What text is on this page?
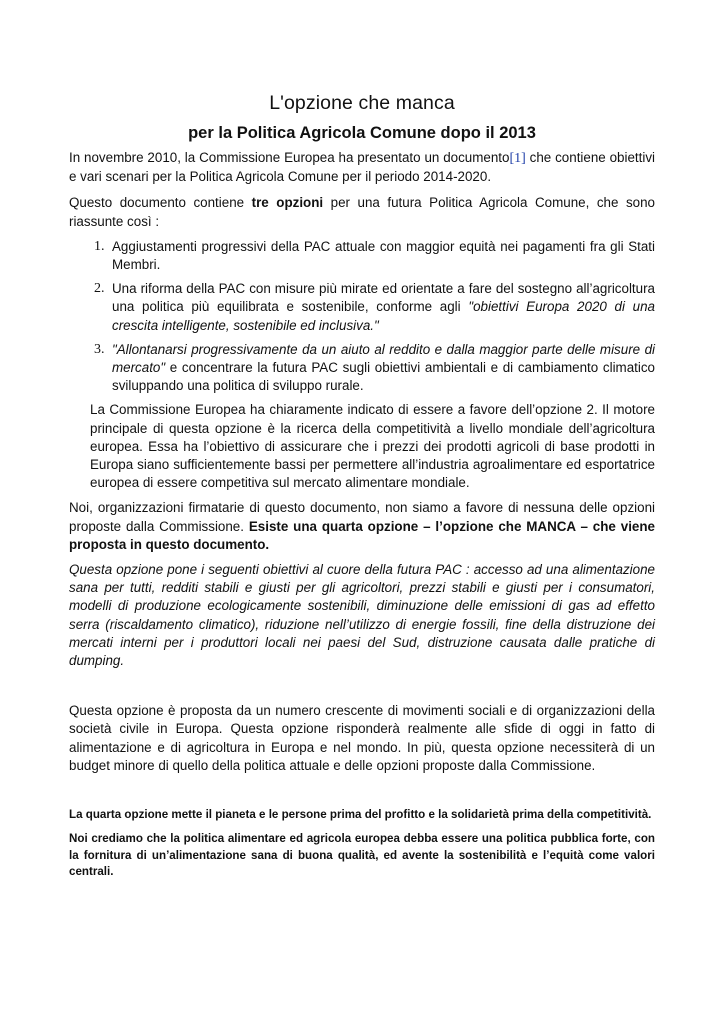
L'opzione che manca
per la Politica Agricola Comune dopo il 2013

In novembre 2010, la Commissione Europea ha presentato un documento[1] che contiene obiettivi e vari scenari per la Politica Agricola Comune per il periodo 2014-2020.

Questo documento contiene tre opzioni per una futura Politica Agricola Comune, che sono riassunte così :

1. Aggiustamenti progressivi della PAC attuale con maggior equità nei pagamenti fra gli Stati Membri.
2. Una riforma della PAC con misure più mirate ed orientate a fare del sostegno all’agricoltura una politica più equilibrata e sostenibile, conforme agli "obiettivi Europa 2020 di una crescita intelligente, sostenibile ed inclusiva."
3. "Allontanarsi progressivamente da un aiuto al reddito e dalla maggior parte delle misure di mercato" e concentrare la futura PAC sugli obiettivi ambientali e di cambiamento climatico sviluppando una politica di sviluppo rurale.

La Commissione Europea ha chiaramente indicato di essere a favore dell’opzione 2. Il motore principale di questa opzione è la ricerca della competitività a livello mondiale dell’agricoltura europea. Essa ha l’obiettivo di assicurare che i prezzi dei prodotti agricoli di base prodotti in Europa siano sufficientemente bassi per permettere all’industria agroalimentare ed esportatrice europea di essere competitiva sul mercato alimentare mondiale.

Noi, organizzazioni firmatarie di questo documento, non siamo a favore di nessuna delle opzioni proposte dalla Commissione. Esiste una quarta opzione – l’opzione che MANCA – che viene proposta in questo documento.

Questa opzione pone i seguenti obiettivi al cuore della futura PAC : accesso ad una alimentazione sana per tutti, redditi stabili e giusti per gli agricoltori, prezzi stabili e giusti per i consumatori, modelli di produzione ecologicamente sostenibili, diminuzione delle emissioni di gas ad effetto serra (riscaldamento climatico), riduzione nell’utilizzo di energie fossili, fine della distruzione dei mercati interni per i produttori locali nei paesi del Sud, distruzione causata dalle pratiche di dumping.

Questa opzione è proposta da un numero crescente di movimenti sociali e di organizzazioni della società civile in Europa. Questa opzione risponderà realmente alle sfide di oggi in fatto di alimentazione e di agricoltura in Europa e nel mondo. In più, questa opzione necessiterà di un budget minore di quello della politica attuale e delle opzioni proposte dalla Commissione.

La quarta opzione mette il pianeta e le persone prima del profitto e la solidarietà prima della competitività.

Noi crediamo che la politica alimentare ed agricola europea debba essere una politica pubblica forte, con la fornitura di un’alimentazione sana di buona qualità, ed avente la sostenibilità e l’equità come valori centrali.
